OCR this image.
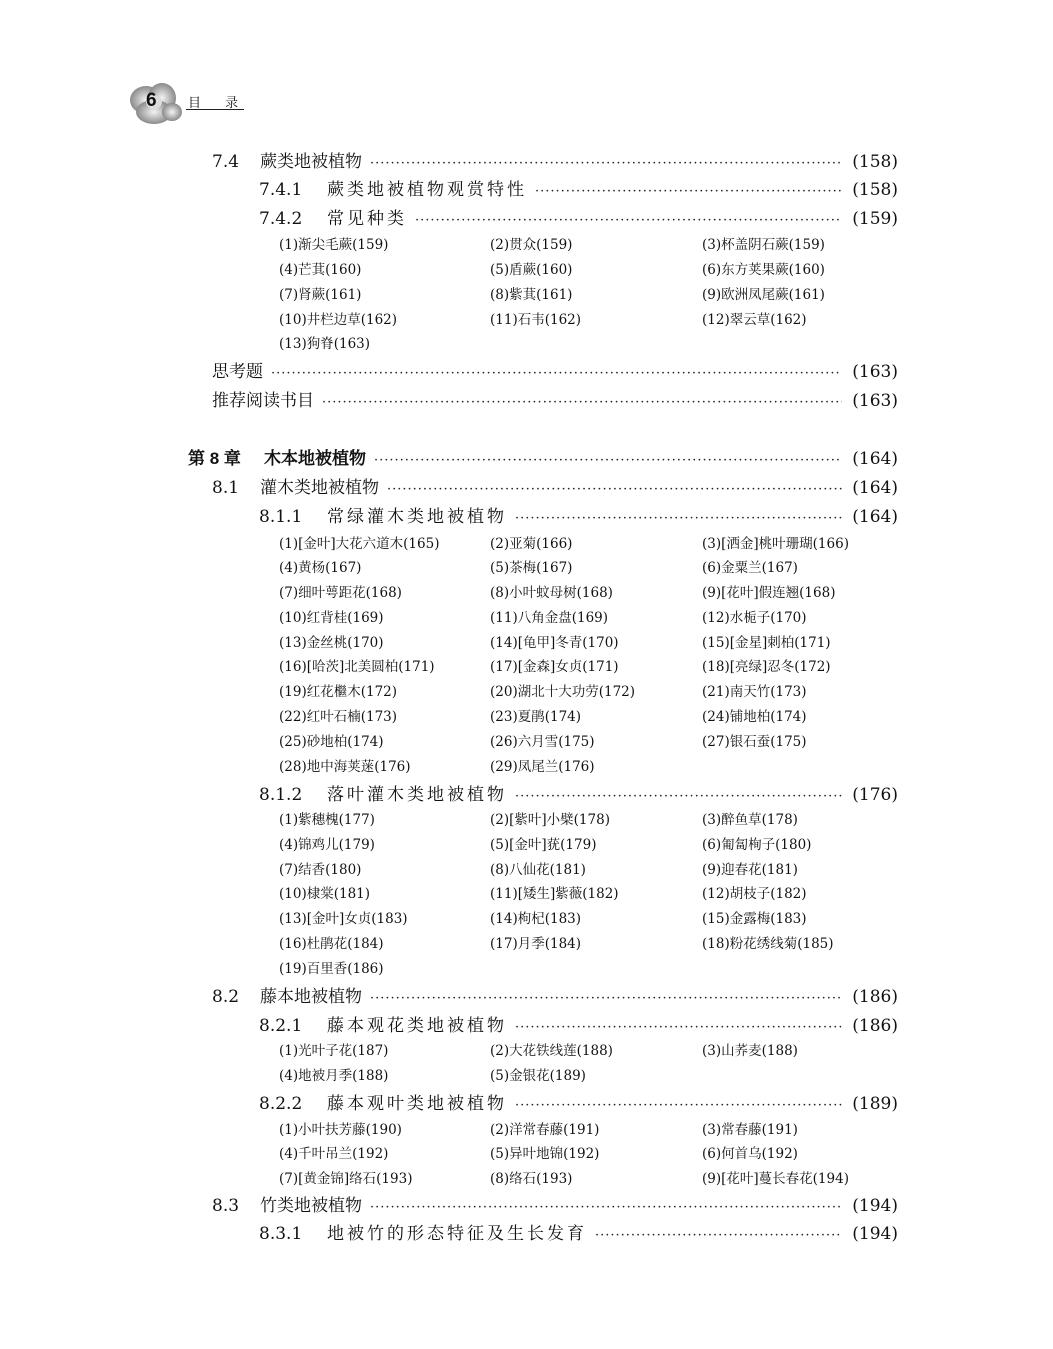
6 目 录
7.4	蕨类地被植物 ·····	(158)
7.4.1	蕨类地被植物观赏特性 ·····	(158)
7.4.2	常见种类 ·····	(159)
(1)渐尖毛蕨(159)	(2)贯众(159)	(3)杯盖阴石蕨(159)
(4)芒萁(160)	(5)盾蕨(160)	(6)东方荚果蕨(160)
(7)肾蕨(161)	(8)紫萁(161)	(9)欧洲凤尾蕨(161)
(10)井栏边草(162)	(11)石韦(162)	(12)翠云草(162)
(13)狗脊(163)
思考题 ·····	(163)
推荐阅读书目 ·····	(163)
第 8 章	木本地被植物 ·····	(164)
8.1	灌木类地被植物 ·····	(164)
8.1.1	常绿灌木类地被植物 ·····	(164)
(1)[金叶]大花六道木(165)	(2)亚菊(166)	(3)[洒金]桃叶珊瑚(166)
(4)黄杨(167)	(5)茶梅(167)	(6)金粟兰(167)
(7)细叶萼距花(168)	(8)小叶蚊母树(168)	(9)[花叶]假连翘(168)
(10)红背桂(169)	(11)八角金盘(169)	(12)水栀子(170)
(13)金丝桃(170)	(14)[龟甲]冬青(170)	(15)[金星]刺柏(171)
(16)[哈茨]北美圆柏(171)	(17)[金森]女贞(171)	(18)[亮绿]忍冬(172)
(19)红花檵木(172)	(20)湖北十大功劳(172)	(21)南天竹(173)
(22)红叶石楠(173)	(23)夏鹃(174)	(24)铺地柏(174)
(25)砂地柏(174)	(26)六月雪(175)	(27)银石蚕(175)
(28)地中海荚蒾(176)	(29)凤尾兰(176)
8.1.2	落叶灌木类地被植物 ·····	(176)
(1)紫穗槐(177)	(2)[紫叶]小檗(178)	(3)醉鱼草(178)
(4)锦鸡儿(179)	(5)[金叶]莸(179)	(6)匍匐栒子(180)
(7)结香(180)	(8)八仙花(181)	(9)迎春花(181)
(10)棣棠(181)	(11)[矮生]紫薇(182)	(12)胡枝子(182)
(13)[金叶]女贞(183)	(14)枸杞(183)	(15)金露梅(183)
(16)杜鹃花(184)	(17)月季(184)	(18)粉花绣线菊(185)
(19)百里香(186)
8.2	藤本地被植物 ·····	(186)
8.2.1	藤本观花类地被植物 ·····	(186)
(1)光叶子花(187)	(2)大花铁线莲(188)	(3)山荞麦(188)
(4)地被月季(188)	(5)金银花(189)
8.2.2	藤本观叶类地被植物 ·····	(189)
(1)小叶扶芳藤(190)	(2)洋常春藤(191)	(3)常春藤(191)
(4)千叶吊兰(192)	(5)异叶地锦(192)	(6)何首乌(192)
(7)[黄金锦]络石(193)	(8)络石(193)	(9)[花叶]蔓长春花(194)
8.3	竹类地被植物 ·····	(194)
8.3.1	地被竹的形态特征及生长发育 ·····	(194)
